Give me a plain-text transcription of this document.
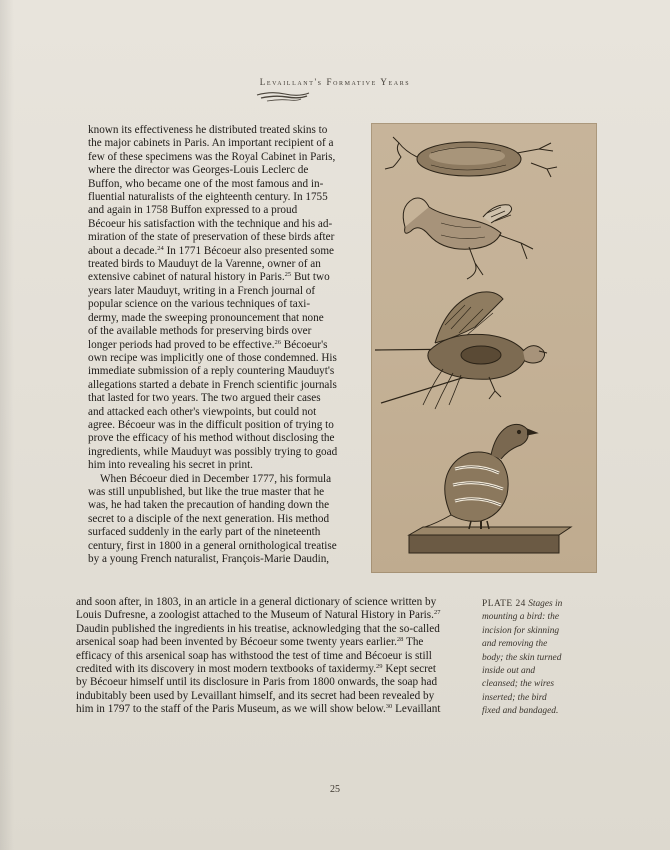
Levaillant's Formative Years

known its effectiveness he distributed treated skins to

the major cabinets in Paris. An important recipient of a

few of these specimens was the Royal Cabinet in Paris,

where the director was Georges-Louis Leclerc de

Buffon, who became one of the most famous and in-

fluential naturalists of the eighteenth century. In 1755

and again in 1758 Buffon expressed to a proud

Bécoeur his satisfaction with the technique and his ad-

miration of the state of preservation of these birds after

about a decade.$^{24}$ In 1771 Bécoeur also presented some

treated birds to Mauduyt de la Varenne, owner of an

extensive cabinet of natural history in Paris.$^{25}$ But two

years later Mauduyt, writing in a French journal of

popular science on the various techniques of taxi-

dermy, made the sweeping pronouncement that none

of the available methods for preserving birds over

longer periods had proved to be effective.$^{26}$ Bécoeur's

own recipe was implicitly one of those condemned. His

immediate submission of a reply countering Mauduyt's

allegations started a debate in French scientific journals

that lasted for two years. The two argued their cases

and attacked each other's viewpoints, but could not

agree. Bécoeur was in the difficult position of trying to

prove the efficacy of his method without disclosing the

ingredients, while Mauduyt was possibly trying to goad

him into revealing his secret in print.

When Bécoeur died in December 1777, his formula

was still unpublished, but like the true master that he

was, he had taken the precaution of handing down the

secret to a disciple of the next generation. His method

surfaced suddenly in the early part of the nineteenth

century, first in 1800 in a general ornithological treatise

by a young French naturalist, François-Marie Daudin,

and soon after, in 1803, in an article in a general dictionary of science written by

Louis Dufresne, a zoologist attached to the Museum of Natural History in Paris.$^{27}$

Daudin published the ingredients in his treatise, acknowledging that the so-called

arsenical soap had been invented by Bécoeur some twenty years earlier.$^{28}$ The

efficacy of this arsenical soap has withstood the test of time and Bécoeur is still

credited with its discovery in most modern textbooks of taxidermy.$^{29}$ Kept secret

by Bécoeur himself until its disclosure in Paris from 1800 onwards, the soap had

indubitably been used by Levaillant himself, and its secret had been revealed by

him in 1797 to the staff of the Paris Museum, as we will show below.$^{30}$ Levaillant

PLATE 24 Stages in

mounting a bird: the

incision for skinning

and removing the

body; the skin turned

inside out and

cleansed; the wires

inserted; the bird

fixed and bandaged.

25
